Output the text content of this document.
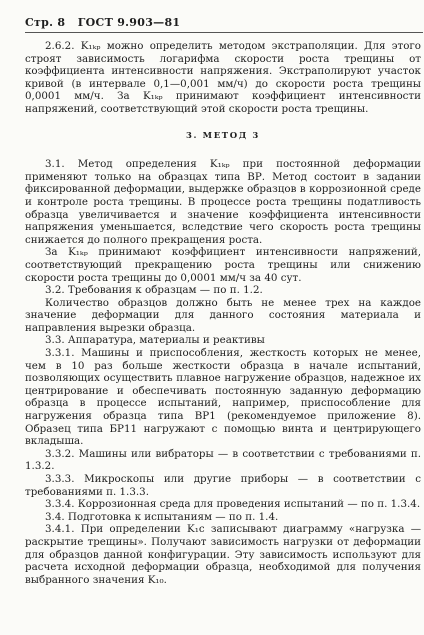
Стр. 8 ГОСТ 9.903—81

2.6.2. K₁ₖₚ можно определить методом экстраполяции. Для этого строят зависимость логарифма скорости роста трещины от коэффициента интенсивности напряжения. Экстраполируют участок кривой (в интервале 0,1—0,001 мм/ч) до скорости роста трещины 0,0001 мм/ч. За K₁ₖₚ принимают коэффициент интенсивности напряжений, соответствующий этой скорости роста трещины.

3. МЕТОД 3

3.1. Метод определения K₁ₖₚ при постоянной деформации применяют только на образцах типа ВР. Метод состоит в задании фиксированной деформации, выдержке образцов в коррозионной среде и контроле роста трещины. В процессе роста трещины податливость образца увеличивается и значение коэффициента интенсивности напряжения уменьшается, вследствие чего скорость роста трещины снижается до полного прекращения роста.

За K₁ₖₚ принимают коэффициент интенсивности напряжений, соответствующий прекращению роста трещины или снижению скорости роста трещины до 0,0001 мм/ч за 40 сут.

3.2. Требования к образцам — по п. 1.2.

Количество образцов должно быть не менее трех на каждое значение деформации для данного состояния материала и направления вырезки образца.

3.3. Аппаратура, материалы и реактивы

3.3.1. Машины и приспособления, жесткость которых не менее, чем в 10 раз больше жесткости образца в начале испытаний, позволяющих осуществить плавное нагружение образцов, надежное их центрирование и обеспечивать постоянную заданную деформацию образца в процессе испытаний, например, приспособление для нагружения образца типа ВР1 (рекомендуемое приложение 8). Образец типа БР11 нагружают с помощью винта и центрирующего вкладыша.

3.3.2. Машины или вибраторы — в соответствии с требованиями п. 1.3.2.

3.3.3. Микроскопы или другие приборы — в соответствии с требованиями п. 1.3.3.

3.3.4. Коррозионная среда для проведения испытаний — по п. 1.3.4.

3.4. Подготовка к испытаниям — по п. 1.4.

3.4.1. При определении K₁c записывают диаграмму «нагрузка — раскрытие трещины». Получают зависимость нагрузки от деформации для образцов данной конфигурации. Эту зависимость используют для расчета исходной деформации образца, необходимой для получения выбранного значения K₁₀.
